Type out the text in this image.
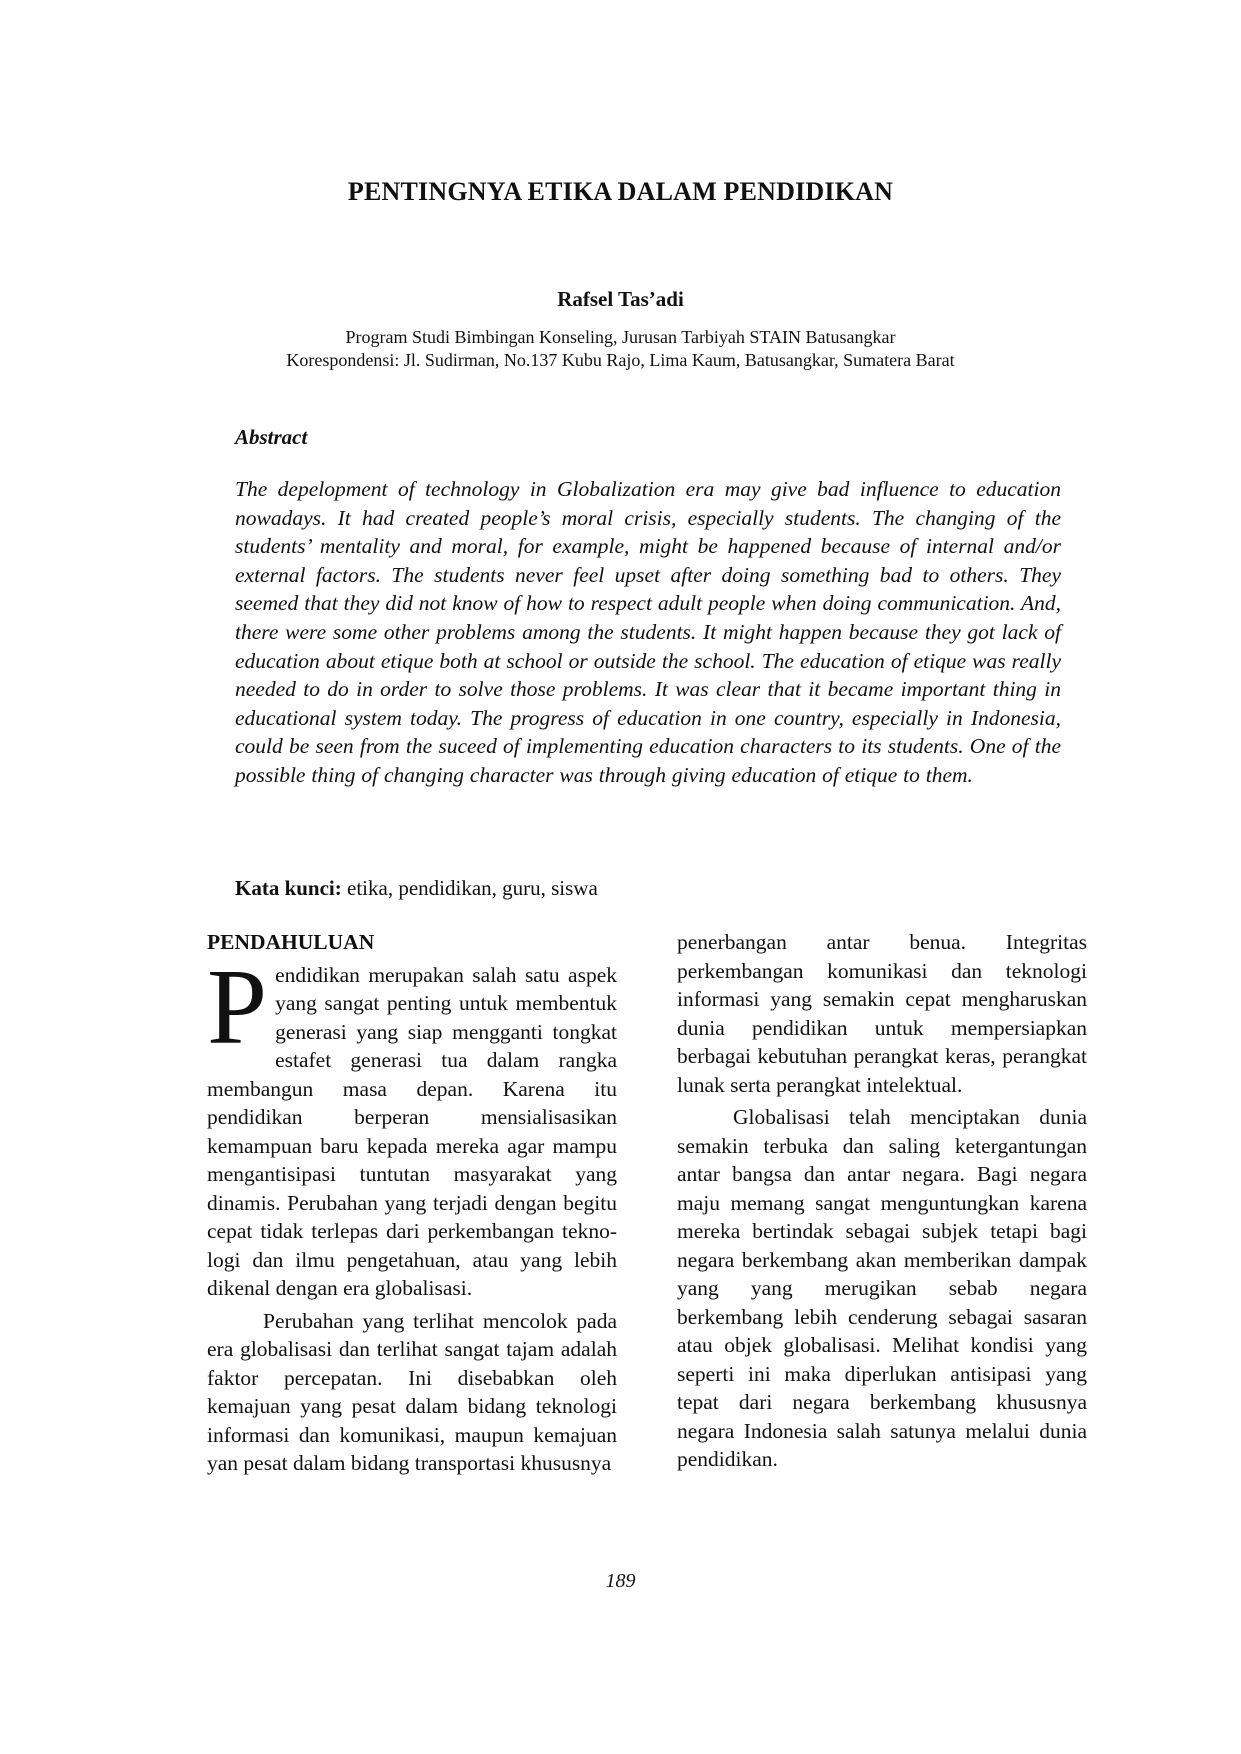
PENTINGNYA ETIKA DALAM PENDIDIKAN

Rafsel Tas’adi

Program Studi Bimbingan Konseling, Jurusan Tarbiyah STAIN Batusangkar

Korespondensi: Jl. Sudirman, No.137 Kubu Rajo, Lima Kaum, Batusangkar, Sumatera Barat

Abstract

The depelopment of technology in Globalization era may give bad influence to education nowadays. It had created people’s moral crisis, especially students. The changing of the students’ mentality and moral, for example, might be happened because of internal and/or external factors. The students never feel upset after doing something bad to others. They seemed that they did not know of how to respect adult people when doing communication. And, there were some other problems among the students. It might happen because they got lack of education about etique both at school or outside the school. The education of etique was really needed to do in order to solve those problems. It was clear that it became important thing in educational system today. The progress of education in one country, especially in Indonesia, could be seen from the suceed of implementing education characters to its students. One of the possible thing of changing character was through giving education of etique to them.

Kata kunci: etika, pendidikan, guru, siswa

PENDAHULUAN

Pendidikan merupakan salah satu aspek yang sangat penting untuk membentuk generasi yang siap mengganti tongkat estafet generasi tua dalam rangka membangun masa depan. Karena itu pendidikan berperan mensialisasikan kemampuan baru kepada mereka agar mampu mengantisipasi tuntutan masyarakat yang dinamis. Perubahan yang terjadi dengan begitu cepat tidak terlepas dari perkembangan teknologi dan ilmu pengetahuan, atau yang lebih dikenal dengan era globalisasi.

Perubahan yang terlihat mencolok pada era globalisasi dan terlihat sangat tajam adalah faktor percepatan. Ini disebabkan oleh kemajuan yang pesat dalam bidang teknologi informasi dan komunikasi, maupun kemajuan yan pesat dalam bidang transportasi khususnya

penerbangan antar benua. Integritas perkembangan komunikasi dan teknologi informasi yang semakin cepat mengharuskan dunia pendidikan untuk mempersiapkan berbagai kebutuhan perangkat keras, perangkat lunak serta perangkat intelektual.

Globalisasi telah menciptakan dunia semakin terbuka dan saling ketergantungan antar bangsa dan antar negara. Bagi negara maju memang sangat menguntungkan karena mereka bertindak sebagai subjek tetapi bagi negara berkembang akan memberikan dampak yang yang merugikan sebab negara berkembang lebih cenderung sebagai sasaran atau objek globalisasi. Melihat kondisi yang seperti ini maka diperlukan antisipasi yang tepat dari negara berkembang khususnya negara Indonesia salah satunya melalui dunia pendidikan.

189
